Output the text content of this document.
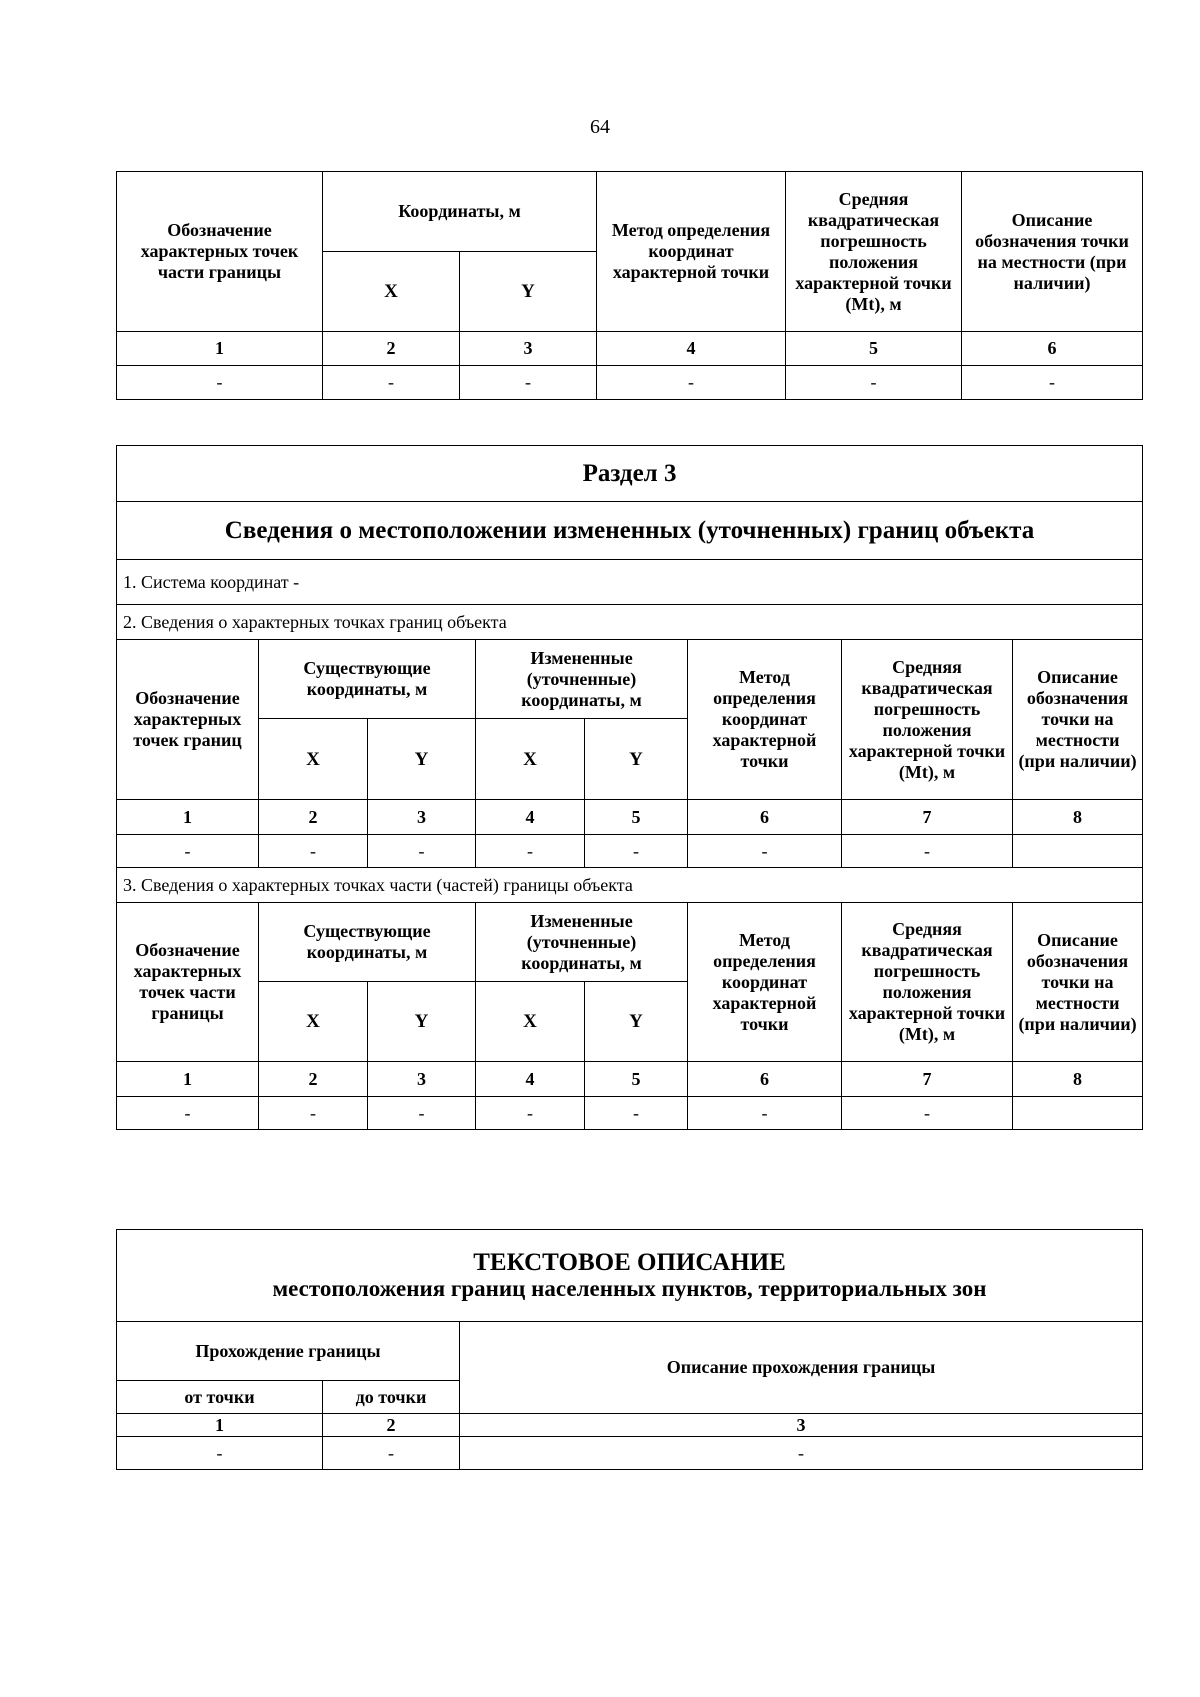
64
Обозначение характерных точек части границы	Координаты, м		Метод определения координат характерной точки	Средняя квадратическая погрешность положения характерной точки (Mt), м	Описание обозначения точки на местности (при наличии)
	X	Y			
1	2	3	4	5	6
-	-	-	-	-	-
Раздел 3							
Сведения о местоположении измененных (уточненных) границ объекта							
1. Система координат -							
2. Сведения о характерных точках границ объекта							
Обозначение характерных точек границ	Существующие координаты, м		Измененные (уточненные) координаты, м		Метод определения координат характерной точки	Средняя квадратическая погрешность положения характерной точки (Mt), м	Описание обозначения точки на местности (при наличии)
	X	Y	X	Y			
1	2	3	4	5	6	7	8
-	-	-	-	-	-	-	
3. Сведения о характерных точках части (частей) границы объекта							
Обозначение характерных точек части границы	Существующие координаты, м		Измененные (уточненные) координаты, м		Метод определения координат характерной точки	Средняя квадратическая погрешность положения характерной точки (Mt), м	Описание обозначения точки на местности (при наличии)
	X	Y	X	Y			
1	2	3	4	5	6	7	8
-	-	-	-	-	-	-	
ТЕКСТОВОЕ ОПИСАНИЕ
местоположения границ населенных пунктов, территориальных зон		

Прохождение границы		Описание прохождения границы
от точки	до точки	
1	2	3
-	-	-
